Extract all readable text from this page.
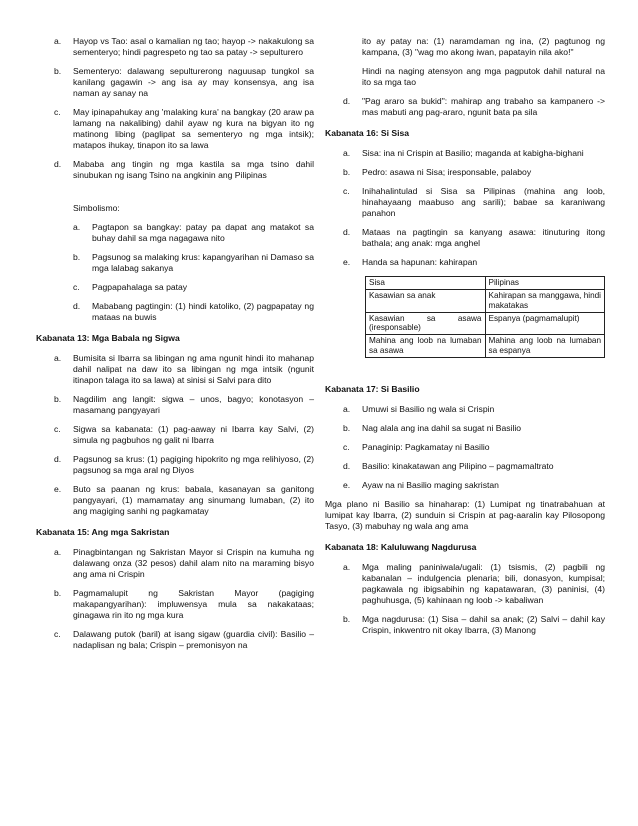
a. Hayop vs Tao: asal o kamalian ng tao; hayop -> nakakulong sa sementeryo; hindi pagrespeto ng tao sa patay -> sepulturero
b. Sementeryo: dalawang sepulturerong naguusap tungkol sa kanilang gagawin -> ang isa ay may konsensya, ang isa naman ay sanay na
c. May ipinapahukay ang 'malaking kura' na bangkay (20 araw pa lamang na nakalibing) dahil ayaw ng kura na bigyan ito ng matinong libing (paglipat sa sementeryo ng mga intsik); matapos ihukay, tinapon ito sa lawa
d. Mababa ang tingin ng mga kastila sa mga tsino dahil sinubukan ng isang Tsino na angkinin ang Pilipinas
Simbolismo:
a. Pagtapon sa bangkay: patay pa dapat ang matakot sa buhay dahil sa mga nagagawa nito
b. Pagsunog sa malaking krus: kapangyarihan ni Damaso sa mga lalabag sakanya
c. Pagpapahalaga sa patay
d. Mababang pagtingin: (1) hindi katoliko, (2) pagpapatay ng mataas na buwis
Kabanata 13: Mga Babala ng Sigwa
a. Bumisita si Ibarra sa libingan ng ama ngunit hindi ito mahanap dahil nalipat na daw ito sa libingan ng mga intsik (ngunit itinapon talaga ito sa lawa) at sinisi si Salvi para dito
b. Nagdilim ang langit: sigwa – unos, bagyo; konotasyon – masamang pangyayari
c. Sigwa sa kabanata: (1) pag-aaway ni Ibarra kay Salvi, (2) simula ng pagbuhos ng galit ni Ibarra
d. Pagsunog sa krus: (1) pagiging hipokrito ng mga relihiyoso, (2) pagsunog sa mga aral ng Diyos
e. Buto sa paanan ng krus: babala, kasanayan sa ganitong pangyayari, (1) mamamatay ang sinumang lumaban, (2) ito ang magiging sanhi ng pagkamatay
Kabanata 15: Ang mga Sakristan
a. Pinagbintangan ng Sakristan Mayor si Crispin na kumuha ng dalawang onza (32 pesos) dahil alam nito na maraming bisyo ang ama ni Crispin
b. Pagmamalupit ng Sakristan Mayor (pagiging makapangyarihan): impluwensya mula sa nakakataas; ginagawa rin ito ng mga kura
c. Dalawang putok (baril) at isang sigaw (guardia civil): Basilio – nadaplisan ng bala; Crispin – premonisyon na
ito ay patay na: (1) naramdaman ng ina, (2) pagtunog ng kampana, (3) "wag mo akong iwan, papatayin nila ako!"
Hindi na naging atensyon ang mga pagputok dahil natural na ito sa mga tao
d. "Pag araro sa bukid": mahirap ang trabaho sa kampanero -> mas mabuti ang pag-araro, ngunit bata pa sila
Kabanata 16: Si Sisa
a. Sisa: ina ni Crispin at Basilio; maganda at kabigha-bighani
b. Pedro: asawa ni Sisa; iresponsable, palaboy
c. Inihahalintulad si Sisa sa Pilipinas (mahina ang loob, hinahayaang maabuso ang sarili); babae sa karaniwang panahon
d. Mataas na pagtingin sa kanyang asawa: itinuturing itong bathala; ang anak: mga anghel
e. Handa sa hapunan: kahirapan
Sisa	Pilipinas
Kasawian sa anak	Kahirapan sa manggawa, hindi makatakas
Kasawian sa asawa (iresponsable)	Espanya (pagmamalupit)
Mahina ang loob na lumaban sa asawa	Mahina ang loob na lumaban sa espanya
Kabanata 17: Si Basilio
a. Umuwi si Basilio ng wala si Crispin
b. Nag alala ang ina dahil sa sugat ni Basilio
c. Panaginip: Pagkamatay ni Basilio
d. Basilio: kinakatawan ang Pilipino – pagmamaltrato
e. Ayaw na ni Basilio maging sakristan
Mga plano ni Basilio sa hinaharap: (1) Lumipat ng tinatrabahuan at lumipat kay Ibarra, (2) sunduin si Crispin at pag-aaralin kay Pilosopong Tasyo, (3) mabuhay ng wala ang ama
Kabanata 18: Kaluluwang Nagdurusa
a. Mga maling paniniwala/ugali: (1) tsismis, (2) pagbili ng kabanalan – indulgencia plenaria; bili, donasyon, kumpisal; pagkawala ng ibigsabihin ng kapatawaran, (3) paninisi, (4) paghuhusga, (5) kahinaan ng loob -> kabaliwan
b. Mga nagdurusa: (1) Sisa – dahil sa anak; (2) Salvi – dahil kay Crispin, inkwentro nit okay Ibarra, (3) Manong
